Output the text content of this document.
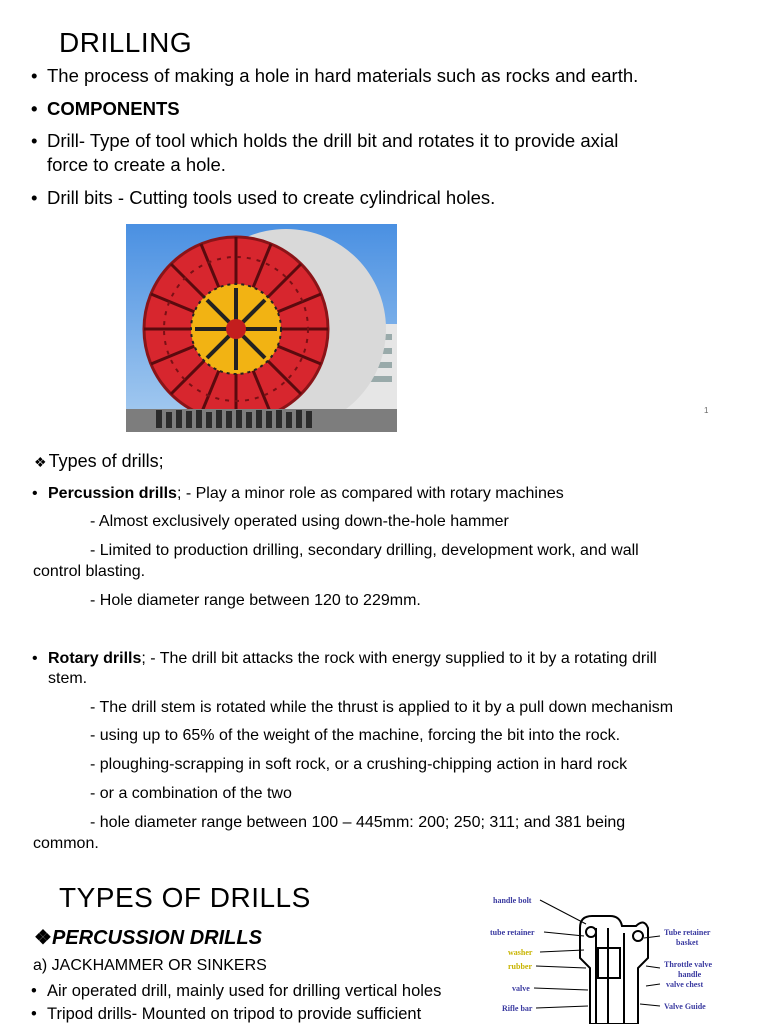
DRILLING
• The process of making a hole in hard materials such as rocks and earth.
• COMPONENTS
• Drill- Type of tool which holds the drill bit and rotates it to provide axial
force to create a hole.
• Drill bits - Cutting tools used to create cylindrical holes.
1
❖ Types of drills;
• Percussion drills; - Play a minor role as compared with rotary machines
- Almost exclusively operated using down-the-hole hammer
- Limited to production drilling, secondary drilling, development work, and wall
control blasting.
- Hole diameter range between 120 to 229mm.
• Rotary drills; - The drill bit attacks the rock with energy supplied to it by a rotating drill
stem.
- The drill stem is rotated while the thrust is applied to it by a pull down mechanism
- using up to 65% of the weight of the machine, forcing the bit into the rock.
- ploughing-scrapping in soft rock, or a crushing-chipping action in hard rock
- or a combination of the two
- hole diameter range between 100 – 445mm: 200; 250; 311; and 381 being
common.
TYPES OF DRILLS
❖PERCUSSION DRILLS
a) JACKHAMMER OR SINKERS
• Air operated drill, mainly used for drilling vertical holes
• Tripod drills- Mounted on tripod to provide sufficient
handle bolt
tube retainer
washer
rubber
valve
Rifle bar
Tube retainer
basket
Throttle valve
handle
valve chest
Valve Guide
